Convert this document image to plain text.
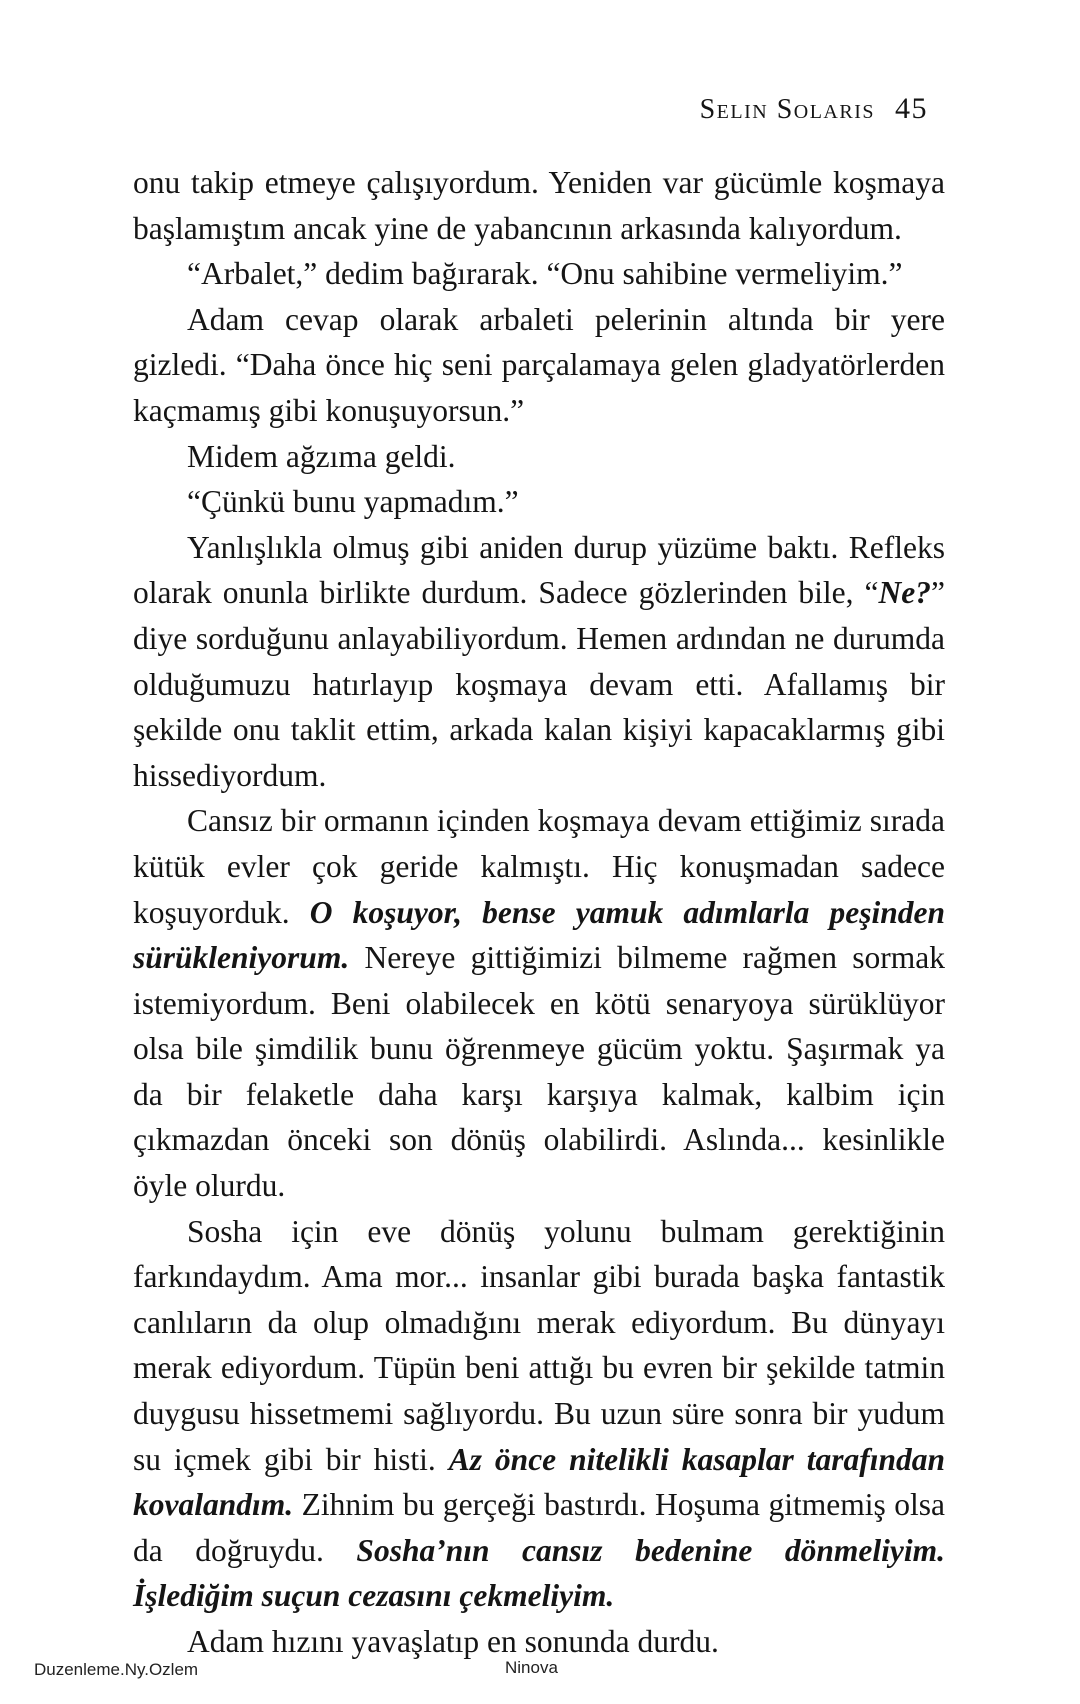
Selin Solaris 45

onu takip etmeye çalışıyordum. Yeniden var gücümle koşmaya başlamıştım ancak yine de yabancının arkasında kalıyordum.

“Arbalet,” dedim bağırarak. “Onu sahibine vermeliyim.”

Adam cevap olarak arbaleti pelerinin altında bir yere gizledi. “Daha önce hiç seni parçalamaya gelen gladyatörlerden kaçmamış gibi konuşuyorsun.”

Midem ağzıma geldi.

“Çünkü bunu yapmadım.”

Yanlışlıkla olmuş gibi aniden durup yüzüme baktı. Refleks olarak onunla birlikte durdum. Sadece gözlerinden bile, “Ne?” diye sorduğunu anlayabiliyordum. Hemen ardından ne durumda olduğumuzu hatırlayıp koşmaya devam etti. Afallamış bir şekilde onu taklit ettim, arkada kalan kişiyi kapacaklarmış gibi hissediyordum.

Cansız bir ormanın içinden koşmaya devam ettiğimiz sırada kütük evler çok geride kalmıştı. Hiç konuşmadan sadece koşuyorduk. O koşuyor, bense yamuk adımlarla peşinden sürükleniyorum. Nereye gittiğimizi bilmeme rağmen sormak istemiyordum. Beni olabilecek en kötü senaryoya sürüklüyor olsa bile şimdilik bunu öğrenmeye gücüm yoktu. Şaşırmak ya da bir felaketle daha karşı karşıya kalmak, kalbim için çıkmazdan önceki son dönüş olabilirdi. Aslında... kesinlikle öyle olurdu.

Sosha için eve dönüş yolunu bulmam gerektiğinin farkındaydım. Ama mor... insanlar gibi burada başka fantastik canlıların da olup olmadığını merak ediyordum. Bu dünyayı merak ediyordum. Tüpün beni attığı bu evren bir şekilde tatmin duygusu hissetmemi sağlıyordu. Bu uzun süre sonra bir yudum su içmek gibi bir histi. Az önce nitelikli kasaplar tarafından kovalandım. Zihnim bu gerçeği bastırdı. Hoşuma gitmemiş olsa da doğruydu. Sosha’nın cansız bedenine dönmeliyim. İşlediğim suçun cezasını çekmeliyim.

Adam hızını yavaşlatıp en sonunda durdu.

Duzenleme.Ny.Ozlem	Ninova
